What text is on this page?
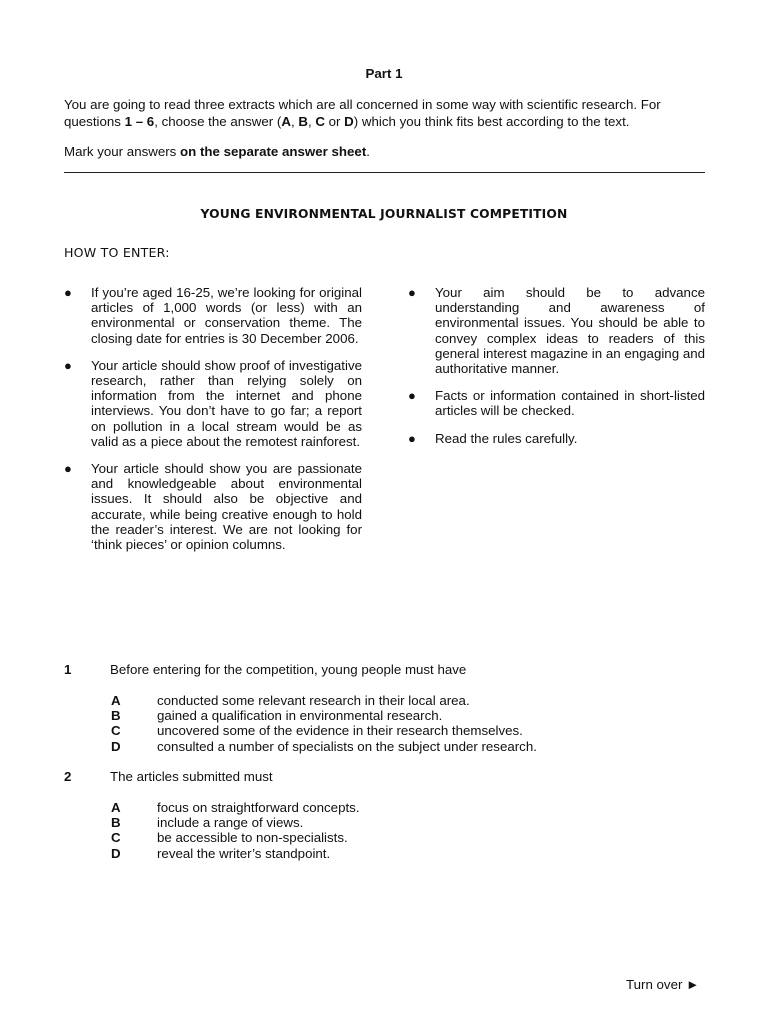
Part 1
You are going to read three extracts which are all concerned in some way with scientific research. For questions 1 – 6, choose the answer (A, B, C or D) which you think fits best according to the text.
Mark your answers on the separate answer sheet.
YOUNG ENVIRONMENTAL JOURNALIST COMPETITION
HOW TO ENTER:
● If you’re aged 16-25, we’re looking for original articles of 1,000 words (or less) with an environmental or conservation theme. The closing date for entries is 30 December 2006.
● Your article should show proof of investigative research, rather than relying solely on information from the internet and phone interviews. You don’t have to go far; a report on pollution in a local stream would be as valid as a piece about the remotest rainforest.
● Your article should show you are passionate and knowledgeable about environmental issues. It should also be objective and accurate, while being creative enough to hold the reader’s interest. We are not looking for ‘think pieces’ or opinion columns.
● Your aim should be to advance understanding and awareness of environmental issues. You should be able to convey complex ideas to readers of this general interest magazine in an engaging and authoritative manner.
● Facts or information contained in short-listed articles will be checked.
● Read the rules carefully.
1	Before entering for the competition, young people must have
A	conducted some relevant research in their local area.
B	gained a qualification in environmental research.
C	uncovered some of the evidence in their research themselves.
D	consulted a number of specialists on the subject under research.
2	The articles submitted must
A	focus on straightforward concepts.
B	include a range of views.
C	be accessible to non-specialists.
D	reveal the writer’s standpoint.
Turn over ►
